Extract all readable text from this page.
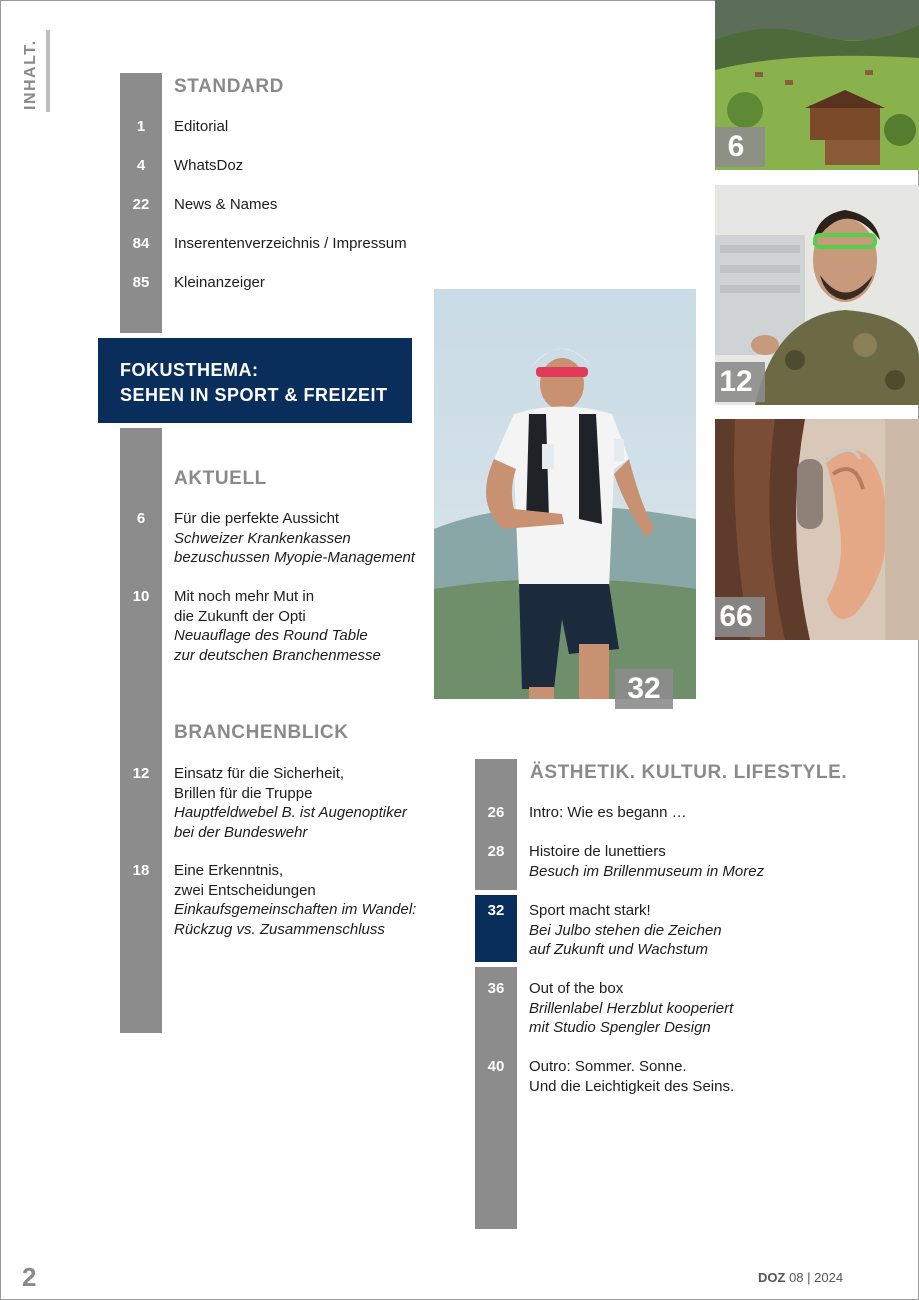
INHALT.	STANDARD
1	Editorial
4	WhatsDoz
22	News & Names
84	Inserentenverzeichnis / Impressum
85	Kleinanzeiger
FOKUSTHEMA:
SEHEN IN SPORT & FREIZEIT
AKTUELL
6	Für die perfekte Aussicht
Schweizer Krankenkassen
bezuschussen Myopie-Management
10	Mit noch mehr Mut in
die Zukunft der Opti
Neuauflage des Round Table
zur deutschen Branchenmesse
BRANCHENBLICK
12	Einsatz für die Sicherheit,
Brillen für die Truppe
Hauptfeldwebel B. ist Augenoptiker
bei der Bundeswehr
18	Eine Erkenntnis,
zwei Entscheidungen
Einkaufsgemeinschaften im Wandel:
Rückzug vs. Zusammenschluss
ÄSTHETIK. KULTUR. LIFESTYLE.
26	Intro: Wie es begann …
28	Histoire de lunettiers
Besuch im Brillenmuseum in Morez
32	Sport macht stark!
Bei Julbo stehen die Zeichen
auf Zukunft und Wachstum
36	Out of the box
Brillenlabel Herzblut kooperiert
mit Studio Spengler Design
40	Outro: Sommer. Sonne.
Und die Leichtigkeit des Seins.
6
12
66
32
2	DOZ 08 | 2024
